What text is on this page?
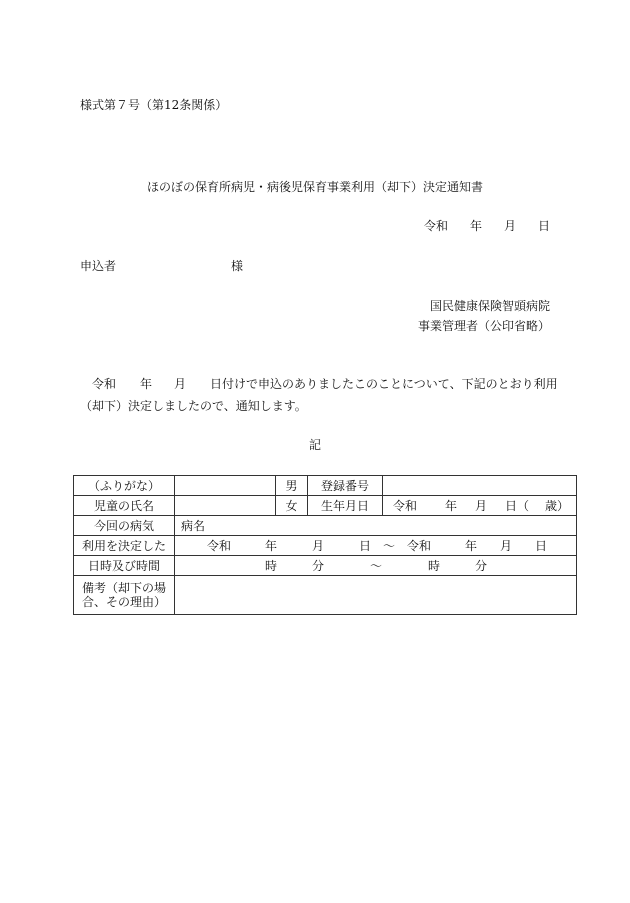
様式第７号（第12条関係）
ほのぼの保育所病児・病後児保育事業利用（却下）決定通知書
令和 年 月 日
申込者	様
国民健康保険智頭病院
事業管理者（公印省略）
令和 年 月 日付けで申込のありましたこのことについて、下記のとおり利用
（却下）決定しましたので、通知します。
記
（ふりがな）		男	登録番号	
児童の氏名		女	生年月日	令和 年 月 日（ 歳）

今回の病気	病名			
利用を決定した	令和 年 月 日 ～ 令和 年 月 日			

日時及び時間	時 分 ～ 時 分			

備考（却下の場
合、その理由）				
